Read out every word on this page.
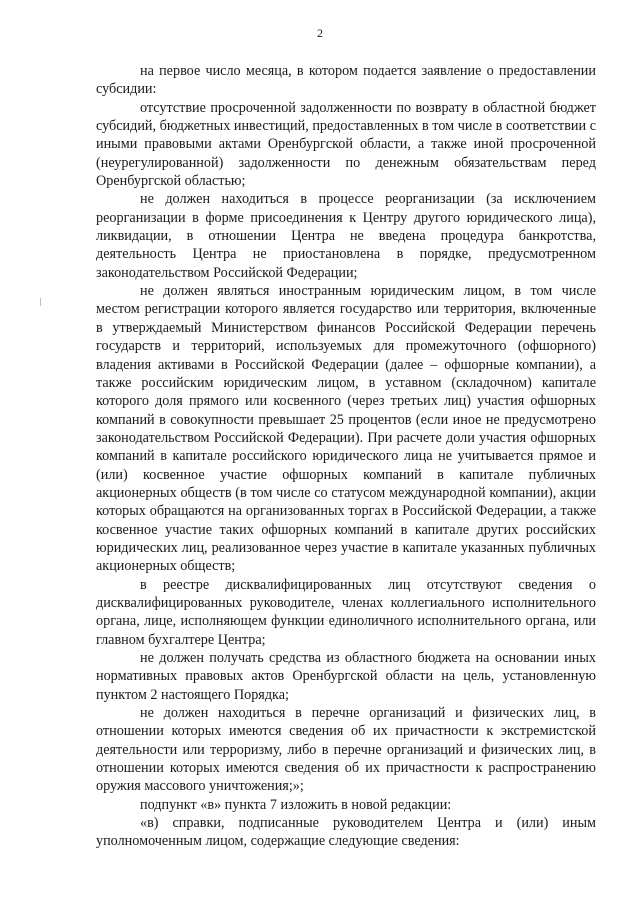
2

на первое число месяца, в котором подается заявление о предоставлении субсидии:

отсутствие просроченной задолженности по возврату в областной бюджет субсидий, бюджетных инвестиций, предоставленных в том числе в соответствии с иными правовыми актами Оренбургской области, а также иной просроченной (неурегулированной) задолженности по денежным обязательствам перед Оренбургской областью;

не должен находиться в процессе реорганизации (за исключением реорганизации в форме присоединения к Центру другого юридического лица), ликвидации, в отношении Центра не введена процедура банкротства, деятельность Центра не приостановлена в порядке, предусмотренном законодательством Российской Федерации;

не должен являться иностранным юридическим лицом, в том числе местом регистрации которого является государство или территория, включенные в утверждаемый Министерством финансов Российской Федерации перечень государств и территорий, используемых для промежуточного (офшорного) владения активами в Российской Федерации (далее – офшорные компании), а также российским юридическим лицом, в уставном (складочном) капитале которого доля прямого или косвенного (через третьих лиц) участия офшорных компаний в совокупности превышает 25 процентов (если иное не предусмотрено законодательством Российской Федерации). При расчете доли участия офшорных компаний в капитале российского юридического лица не учитывается прямое и (или) косвенное участие офшорных компаний в капитале публичных акционерных обществ (в том числе со статусом международной компании), акции которых обращаются на организованных торгах в Российской Федерации, а также косвенное участие таких офшорных компаний в капитале других российских юридических лиц, реализованное через участие в капитале указанных публичных акционерных обществ;

в реестре дисквалифицированных лиц отсутствуют сведения о дисквалифицированных руководителе, членах коллегиального исполнительного органа, лице, исполняющем функции единоличного исполнительного органа, или главном бухгалтере Центра;

не должен получать средства из областного бюджета на основании иных нормативных правовых актов Оренбургской области на цель, установленную пунктом 2 настоящего Порядка;

не должен находиться в перечне организаций и физических лиц, в отношении которых имеются сведения об их причастности к экстремистской деятельности или терроризму, либо в перечне организаций и физических лиц, в отношении которых имеются сведения об их причастности к распространению оружия массового уничтожения;»;

подпункт «в» пункта 7 изложить в новой редакции:

«в) справки, подписанные руководителем Центра и (или) иным уполномоченным лицом, содержащие следующие сведения:
